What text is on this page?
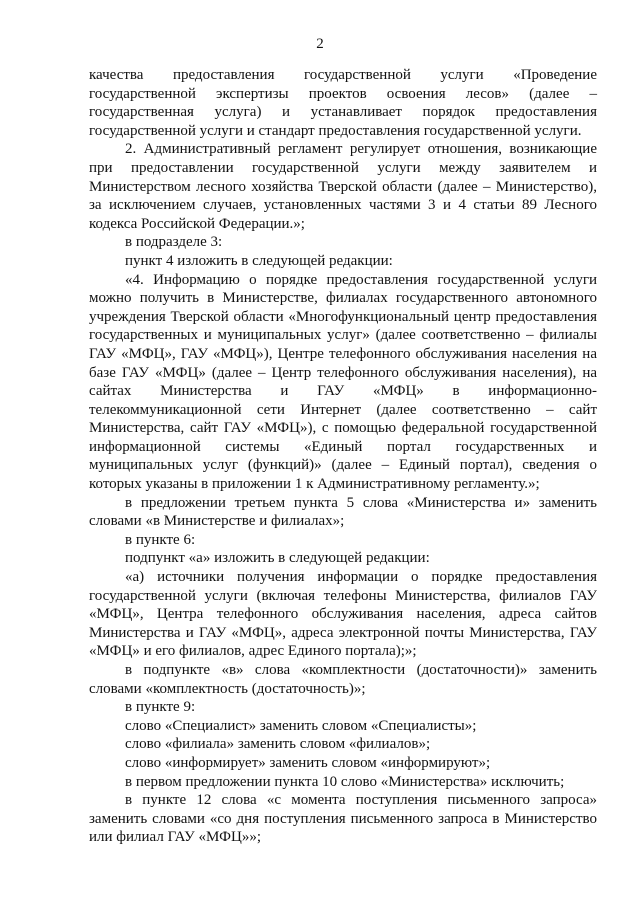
2

качества предоставления государственной услуги «Проведение государственной экспертизы проектов освоения лесов» (далее – государственная услуга) и устанавливает порядок предоставления государственной услуги и стандарт предоставления государственной услуги.

2. Административный регламент регулирует отношения, возникающие при предоставлении государственной услуги между заявителем и Министерством лесного хозяйства Тверской области (далее – Министерство), за исключением случаев, установленных частями 3 и 4 статьи 89 Лесного кодекса Российской Федерации.»;

в подразделе 3:

пункт 4 изложить в следующей редакции:

«4. Информацию о порядке предоставления государственной услуги можно получить в Министерстве, филиалах государственного автономного учреждения Тверской области «Многофункциональный центр предоставления государственных и муниципальных услуг» (далее соответственно – филиалы ГАУ «МФЦ», ГАУ «МФЦ»), Центре телефонного обслуживания населения на базе ГАУ «МФЦ» (далее – Центр телефонного обслуживания населения), на сайтах Министерства и ГАУ «МФЦ» в информационно-телекоммуникационной сети Интернет (далее соответственно – сайт Министерства, сайт ГАУ «МФЦ»), с помощью федеральной государственной информационной системы «Единый портал государственных и муниципальных услуг (функций)» (далее – Единый портал), сведения о которых указаны в приложении 1 к Административному регламенту.»;

в предложении третьем пункта 5 слова «Министерства и» заменить словами «в Министерстве и филиалах»;

в пункте 6:

подпункт «а» изложить в следующей редакции:

«а) источники получения информации о порядке предоставления государственной услуги (включая телефоны Министерства, филиалов ГАУ «МФЦ», Центра телефонного обслуживания населения, адреса сайтов Министерства и ГАУ «МФЦ», адреса электронной почты Министерства, ГАУ «МФЦ» и его филиалов, адрес Единого портала);»;

в подпункте «в» слова «комплектности (достаточности)» заменить словами «комплектность (достаточность)»;

в пункте 9:

слово «Специалист» заменить словом «Специалисты»;

слово «филиала» заменить словом «филиалов»;

слово «информирует» заменить словом «информируют»;

в первом предложении пункта 10 слово «Министерства» исключить;

в пункте 12 слова «с момента поступления письменного запроса» заменить словами «со дня поступления письменного запроса в Министерство или филиал ГАУ «МФЦ»»;
